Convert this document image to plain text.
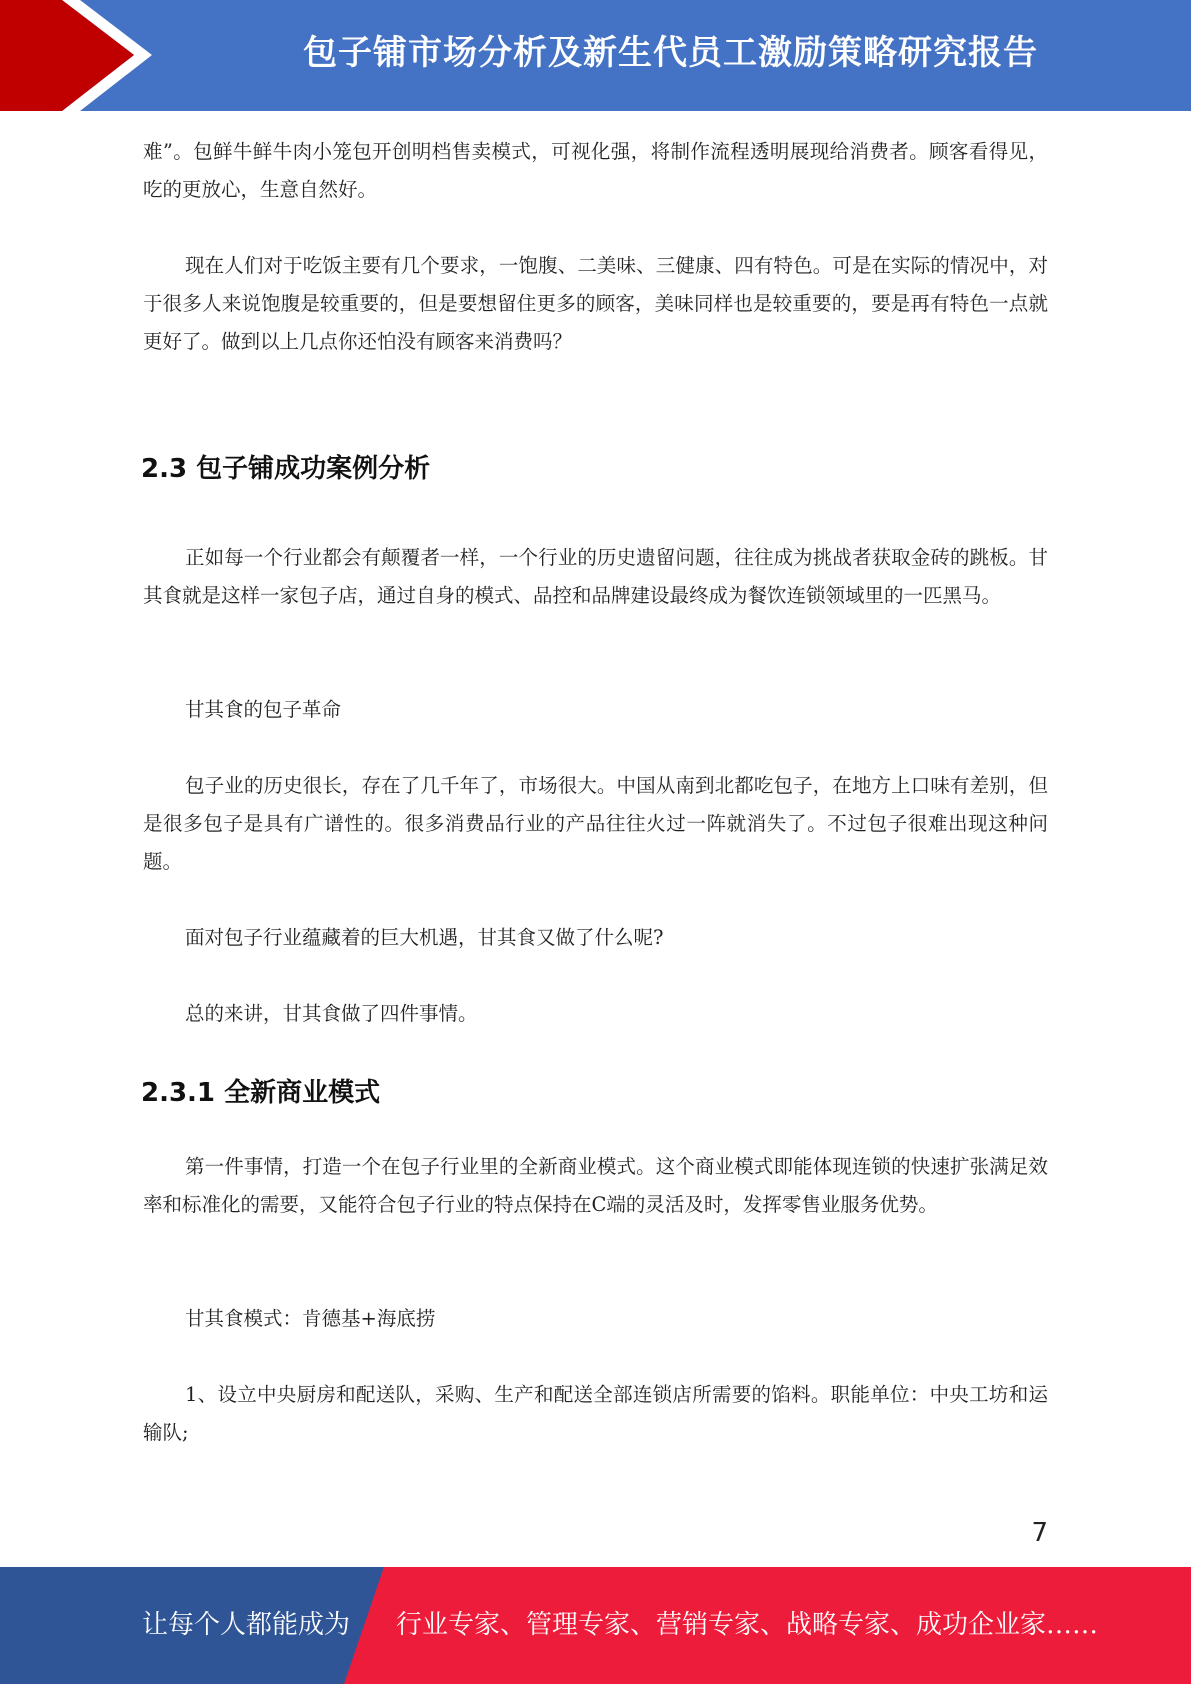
包子铺市场分析及新生代员工激励策略研究报告

难”。包鲜牛鲜牛肉小笼包开创明档售卖模式，可视化强，将制作流程透明展现给消费者。顾客看得见，吃的更放心，生意自然好。

现在人们对于吃饭主要有几个要求，一饱腹、二美味、三健康、四有特色。可是在实际的情况中，对于很多人来说饱腹是较重要的，但是要想留住更多的顾客，美味同样也是较重要的，要是再有特色一点就更好了。做到以上几点你还怕没有顾客来消费吗？

2.3 包子铺成功案例分析

正如每一个行业都会有颠覆者一样，一个行业的历史遗留问题，往往成为挑战者获取金砖的跳板。甘其食就是这样一家包子店，通过自身的模式、品控和品牌建设最终成为餐饮连锁领域里的一匹黑马。

甘其食的包子革命

包子业的历史很长，存在了几千年了，市场很大。中国从南到北都吃包子，在地方上口味有差别，但是很多包子是具有广谱性的。很多消费品行业的产品往往火过一阵就消失了。不过包子很难出现这种问题。

面对包子行业蕴藏着的巨大机遇，甘其食又做了什么呢?

总的来讲，甘其食做了四件事情。

2.3.1 全新商业模式

第一件事情，打造一个在包子行业里的全新商业模式。这个商业模式即能体现连锁的快速扩张满足效率和标准化的需要，又能符合包子行业的特点保持在C端的灵活及时，发挥零售业服务优势。

甘其食模式：肯德基+海底捞

1、设立中央厨房和配送队，采购、生产和配送全部连锁店所需要的馅料。职能单位：中央工坊和运输队;

7
让每个人都能成为 行业专家、管理专家、营销专家、战略专家、成功企业家……
